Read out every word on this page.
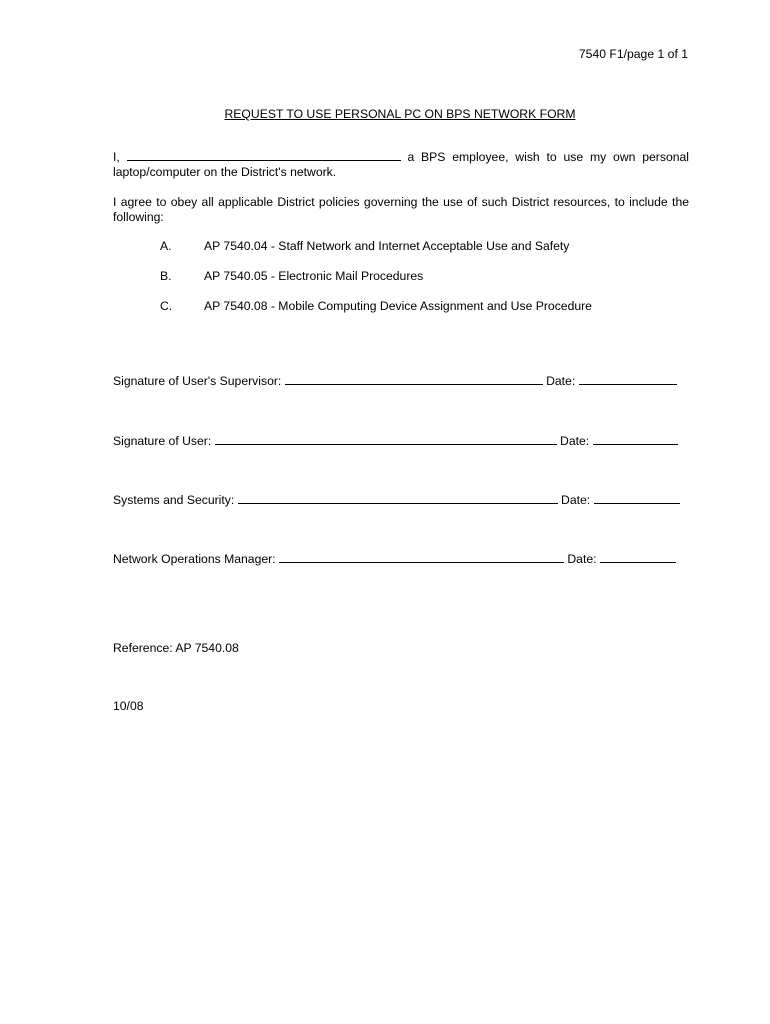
7540 F1/page 1 of 1
REQUEST TO USE PERSONAL PC ON BPS NETWORK FORM
I,	a BPS employee, wish to use my own personal laptop/computer on the District's network.
I agree to obey all applicable District policies governing the use of such District resources, to include the following:
A.	AP 7540.04 - Staff Network and Internet Acceptable Use and Safety
B.	AP 7540.05 - Electronic Mail Procedures
C.	AP 7540.08 - Mobile Computing Device Assignment and Use Procedure
Signature of User's Supervisor:	Date:
Signature of User:	Date:
Systems and Security:	Date:
Network Operations Manager:	Date:
Reference: AP 7540.08
10/08
